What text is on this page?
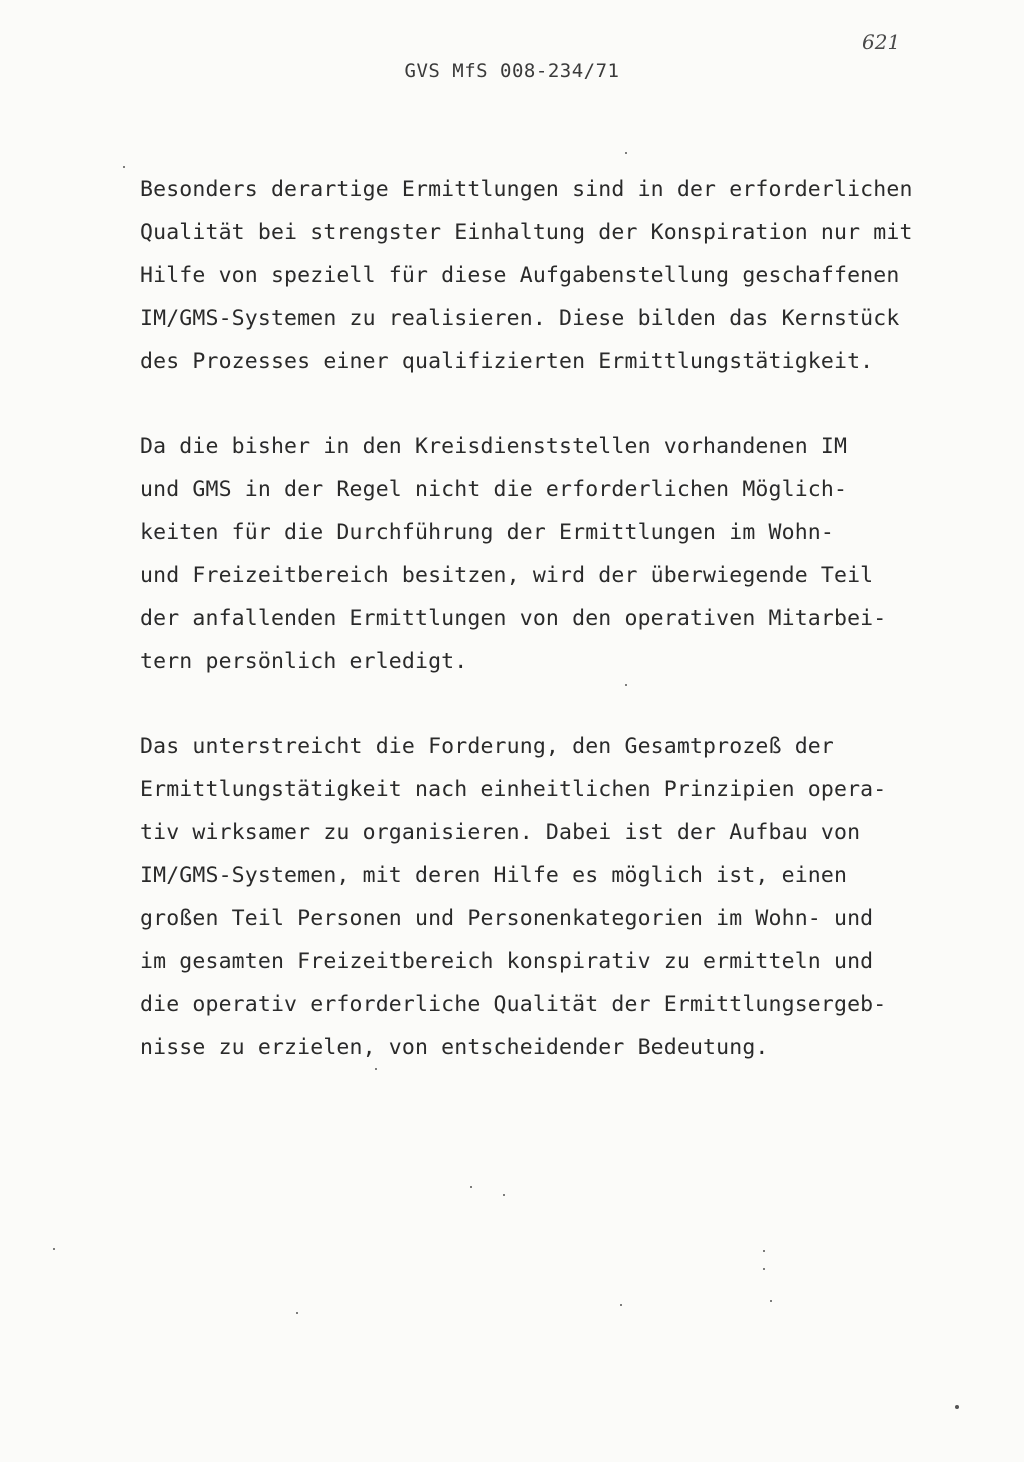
621
GVS MfS 008-234/71
Besonders derartige Ermittlungen sind in der erforderlichen
Qualität bei strengster Einhaltung der Konspiration nur mit
Hilfe von speziell für diese Aufgabenstellung geschaffenen
IM/GMS-Systemen zu realisieren. Diese bilden das Kernstück
des Prozesses einer qualifizierten Ermittlungstätigkeit.
Da die bisher in den Kreisdienststellen vorhandenen IM
und GMS in der Regel nicht die erforderlichen Möglich-
keiten für die Durchführung der Ermittlungen im Wohn-
und Freizeitbereich besitzen, wird der überwiegende Teil
der anfallenden Ermittlungen von den operativen Mitarbei-
tern persönlich erledigt.
Das unterstreicht die Forderung, den Gesamtprozeß der
Ermittlungstätigkeit nach einheitlichen Prinzipien opera-
tiv wirksamer zu organisieren. Dabei ist der Aufbau von
IM/GMS-Systemen, mit deren Hilfe es möglich ist, einen
großen Teil Personen und Personenkategorien im Wohn- und
im gesamten Freizeitbereich konspirativ zu ermitteln und
die operativ erforderliche Qualität der Ermittlungsergeb-
nisse zu erzielen, von entscheidender Bedeutung.
